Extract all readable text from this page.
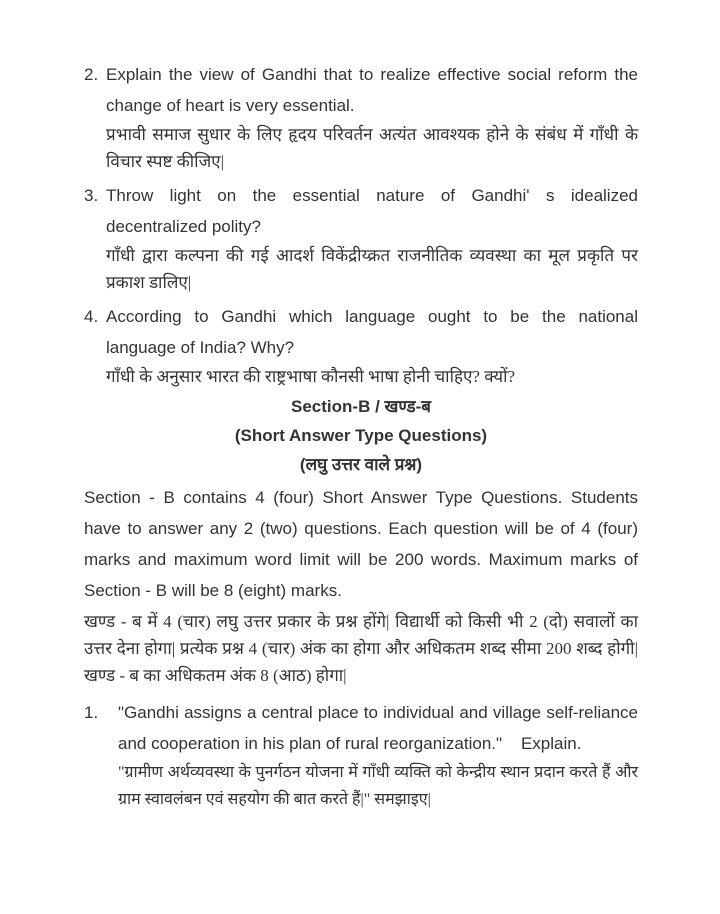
2. Explain the view of Gandhi that to realize effective social reform the change of heart is very essential.

प्रभावी समाज सुधार के लिए हृदय परिवर्तन अत्यंत आवश्यक होने के संबंध में गाँधी के विचार स्पष्ट कीजिए|

3. Throw light on the essential nature of Gandhi' s idealized decentralized polity?

गाँधी द्वारा कल्पना की गई आदर्श विकेंद्रीय्क्रत राजनीतिक व्यवस्था का मूल प्रकृति पर प्रकाश डालिए|

4. According to Gandhi which language ought to be the national language of India? Why?

गाँधी के अनुसार भारत की राष्ट्रभाषा कौनसी भाषा होनी चाहिए? क्यों?

Section-B / खण्ड-ब
(Short Answer Type Questions)
(लघु उत्तर वाले प्रश्न)

Section - B contains 4 (four) Short Answer Type Questions. Students have to answer any 2 (two) questions. Each question will be of 4 (four) marks and maximum word limit will be 200 words. Maximum marks of Section - B will be 8 (eight) marks.

खण्ड - ब में 4 (चार) लघु उत्तर प्रकार के प्रश्न होंगे| विद्यार्थी को किसी भी 2 (दो) सवालों का उत्तर देना होगा| प्रत्येक प्रश्न 4 (चार) अंक का होगा और अधिकतम शब्द सीमा 200 शब्द होगी| खण्ड - ब का अधिकतम अंक 8 (आठ) होगा|

1.	"Gandhi assigns a central place to individual and village self-reliance and cooperation in his plan of rural reorganization."    Explain.

"ग्रामीण अर्थव्यवस्था के पुनर्गठन योजना में गाँधी व्यक्ति को केन्द्रीय स्थान प्रदान करते हैं और ग्राम स्वावलंबन एवं सहयोग की बात करते हैं|" समझाइए|
